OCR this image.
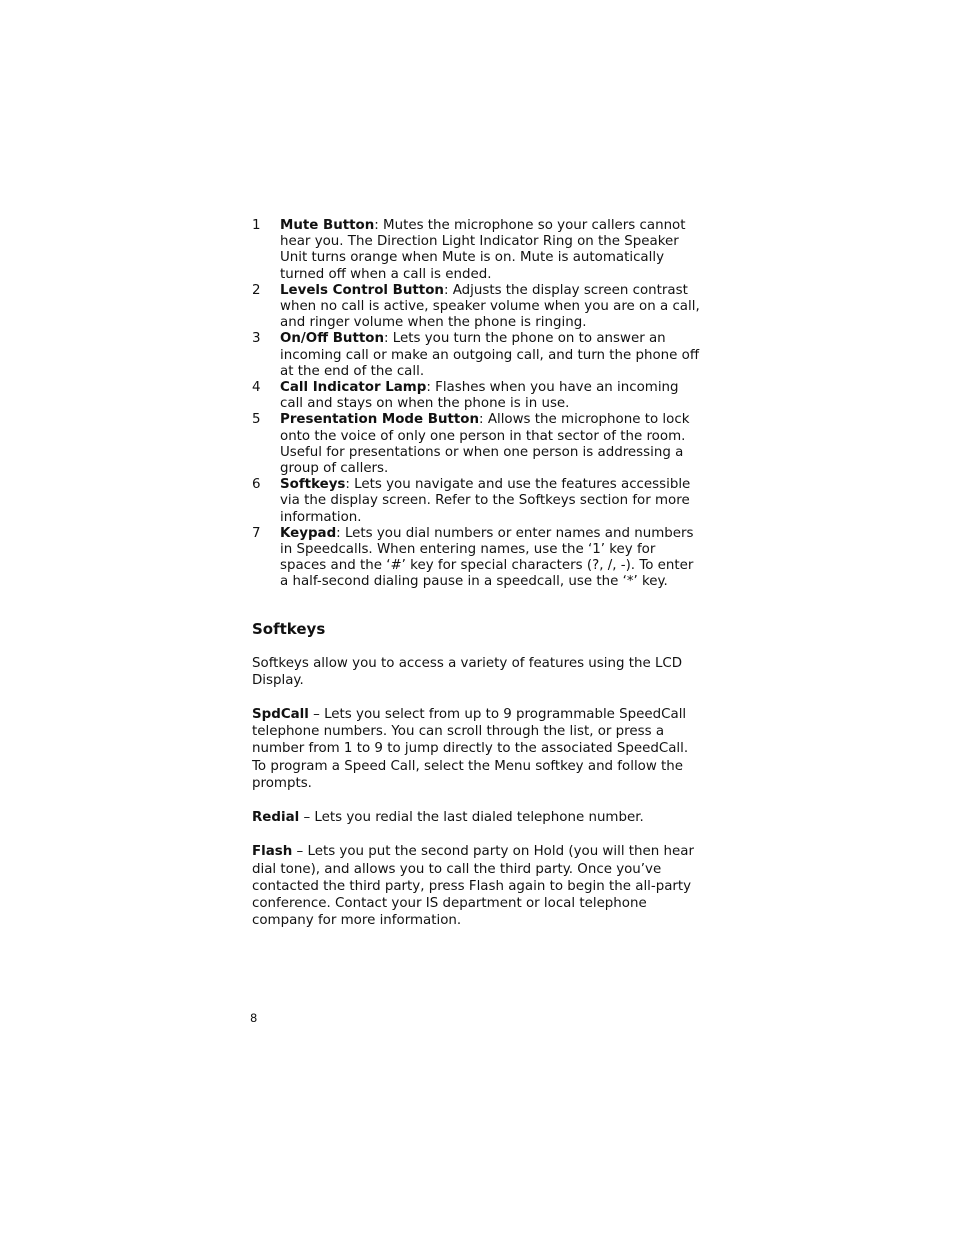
1	Mute Button: Mutes the microphone so your callers cannot hear you. The Direction Light Indicator Ring on the Speaker Unit turns orange when Mute is on. Mute is automatically turned off when a call is ended.
2	Levels Control Button: Adjusts the display screen contrast when no call is active, speaker volume when you are on a call, and ringer volume when the phone is ringing.
3	On/Off Button: Lets you turn the phone on to answer an incoming call or make an outgoing call, and turn the phone off at the end of the call.
4	Call Indicator Lamp: Flashes when you have an incoming call and stays on when the phone is in use.
5	Presentation Mode Button: Allows the microphone to lock onto the voice of only one person in that sector of the room. Useful for presentations or when one person is addressing a group of callers.
6	Softkeys: Lets you navigate and use the features accessible via the display screen. Refer to the Softkeys section for more information.
7	Keypad: Lets you dial numbers or enter names and numbers in Speedcalls. When entering names, use the ‘1’ key for spaces and the ‘#’ key for special characters (?, /, -). To enter a half-second dialing pause in a speedcall, use the ‘*’ key.
Softkeys

Softkeys allow you to access a variety of features using the LCD Display.

SpdCall – Lets you select from up to 9 programmable SpeedCall telephone numbers. You can scroll through the list, or press a number from 1 to 9 to jump directly to the associated SpeedCall. To program a Speed Call, select the Menu softkey and follow the prompts.

Redial – Lets you redial the last dialed telephone number.

Flash – Lets you put the second party on Hold (you will then hear dial tone), and allows you to call the third party. Once you’ve contacted the third party, press Flash again to begin the all-party conference. Contact your IS department or local telephone company for more information.

8
